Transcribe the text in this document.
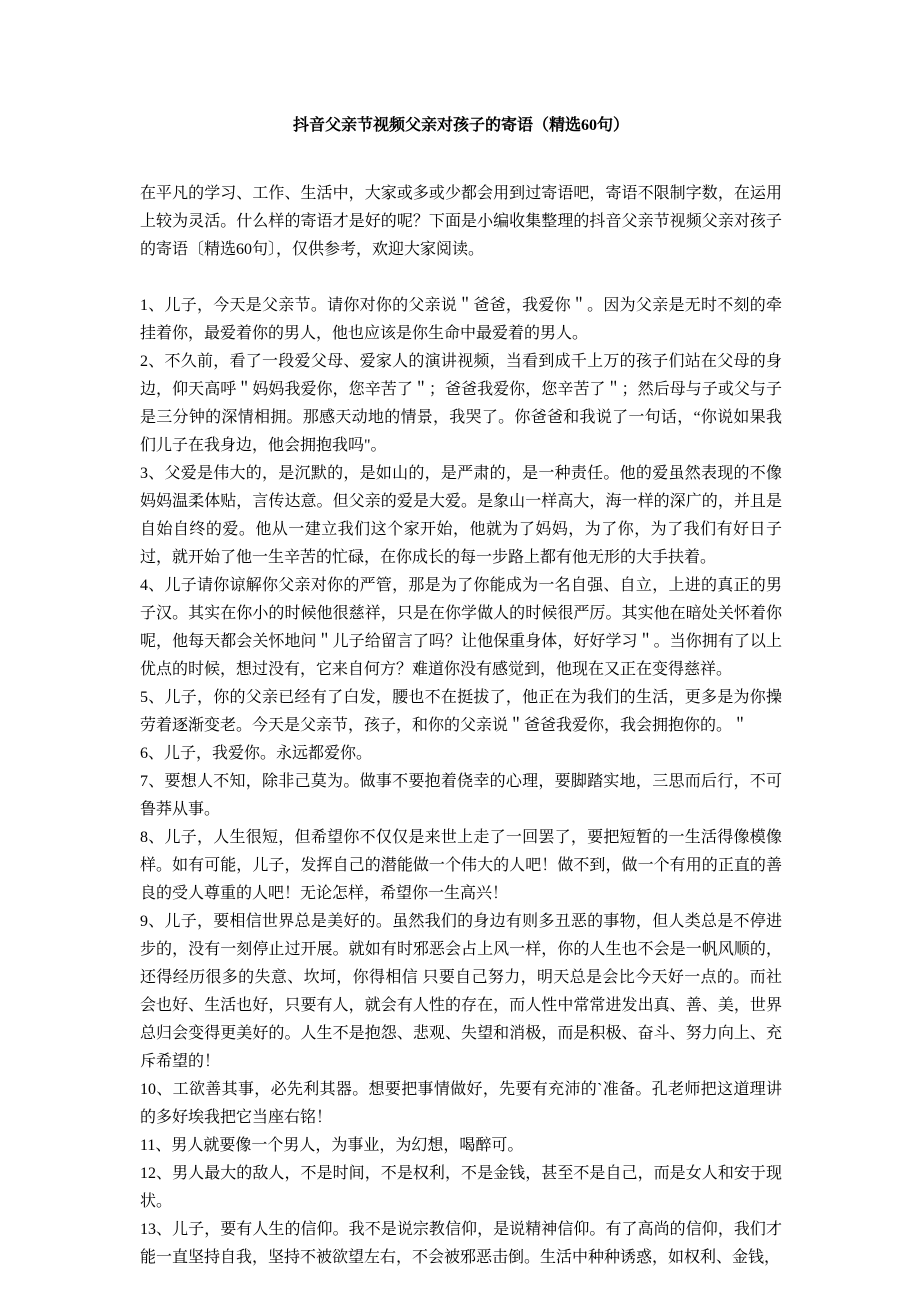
抖音父亲节视频父亲对孩子的寄语（精选60句）

在平凡的学习、工作、生活中，大家或多或少都会用到过寄语吧，寄语不限制字数，在运用上较为灵活。什么样的寄语才是好的呢？下面是小编收集整理的抖音父亲节视频父亲对孩子的寄语〔精选60句〕，仅供参考，欢迎大家阅读。

1、儿子，今天是父亲节。请你对你的父亲说＂爸爸，我爱你＂。因为父亲是无时不刻的牵挂着你，最爱着你的男人，他也应该是你生命中最爱着的男人。

2、不久前，看了一段爱父母、爱家人的演讲视频，当看到成千上万的孩子们站在父母的身边，仰天高呼＂妈妈我爱你，您辛苦了＂；爸爸我爱你，您辛苦了＂；然后母与子或父与子是三分钟的深情相拥。那感天动地的情景，我哭了。你爸爸和我说了一句话，“你说如果我们儿子在我身边，他会拥抱我吗"。

3、父爱是伟大的，是沉默的，是如山的，是严肃的，是一种责任。他的爱虽然表现的不像妈妈温柔体贴，言传达意。但父亲的爱是大爱。是象山一样高大，海一样的深广的，并且是自始自终的爱。他从一建立我们这个家开始，他就为了妈妈，为了你，为了我们有好日子过，就开始了他一生辛苦的忙碌，在你成长的每一步路上都有他无形的大手扶着。

4、儿子请你谅解你父亲对你的严管，那是为了你能成为一名自强、自立，上进的真正的男子汉。其实在你小的时候他很慈祥，只是在你学做人的时候很严厉。其实他在暗处关怀着你呢，他每天都会关怀地问＂儿子给留言了吗？让他保重身体，好好学习＂。当你拥有了以上优点的时候，想过没有，它来自何方？难道你没有感觉到，他现在又正在变得慈祥。

5、儿子，你的父亲已经有了白发，腰也不在挺拔了，他正在为我们的生活，更多是为你操劳着逐渐变老。今天是父亲节，孩子，和你的父亲说＂爸爸我爱你，我会拥抱你的。＂

6、儿子，我爱你。永远都爱你。

7、要想人不知，除非己莫为。做事不要抱着侥幸的心理，要脚踏实地，三思而后行，不可鲁莽从事。

8、儿子，人生很短，但希望你不仅仅是来世上走了一回罢了，要把短暂的一生活得像模像样。如有可能，儿子，发挥自己的潜能做一个伟大的人吧！做不到，做一个有用的正直的善良的受人尊重的人吧！无论怎样，希望你一生高兴！

9、儿子，要相信世界总是美好的。虽然我们的身边有则多丑恶的事物，但人类总是不停进步的，没有一刻停止过开展。就如有时邪恶会占上风一样，你的人生也不会是一帆风顺的，还得经历很多的失意、坎坷，你得相信 只要自己努力，明天总是会比今天好一点的。而社会也好、生活也好，只要有人，就会有人性的存在，而人性中常常进发出真、善、美，世界总归会变得更美好的。人生不是抱怨、悲观、失望和消极，而是积极、奋斗、努力向上、充斥希望的！

10、工欲善其事，必先利其器。想要把事情做好，先要有充沛的`准备。孔老师把这道理讲的多好埃我把它当座右铭！

11、男人就要像一个男人，为事业，为幻想，喝醉可。

12、男人最大的敌人，不是时间，不是权利，不是金钱，甚至不是自己，而是女人和安于现状。

13、儿子，要有人生的信仰。我不是说宗教信仰，是说精神信仰。有了高尚的信仰，我们才能一直坚持自我，坚持不被欲望左右，不会被邪恶击倒。生活中种种诱惑，如权利、金钱，
